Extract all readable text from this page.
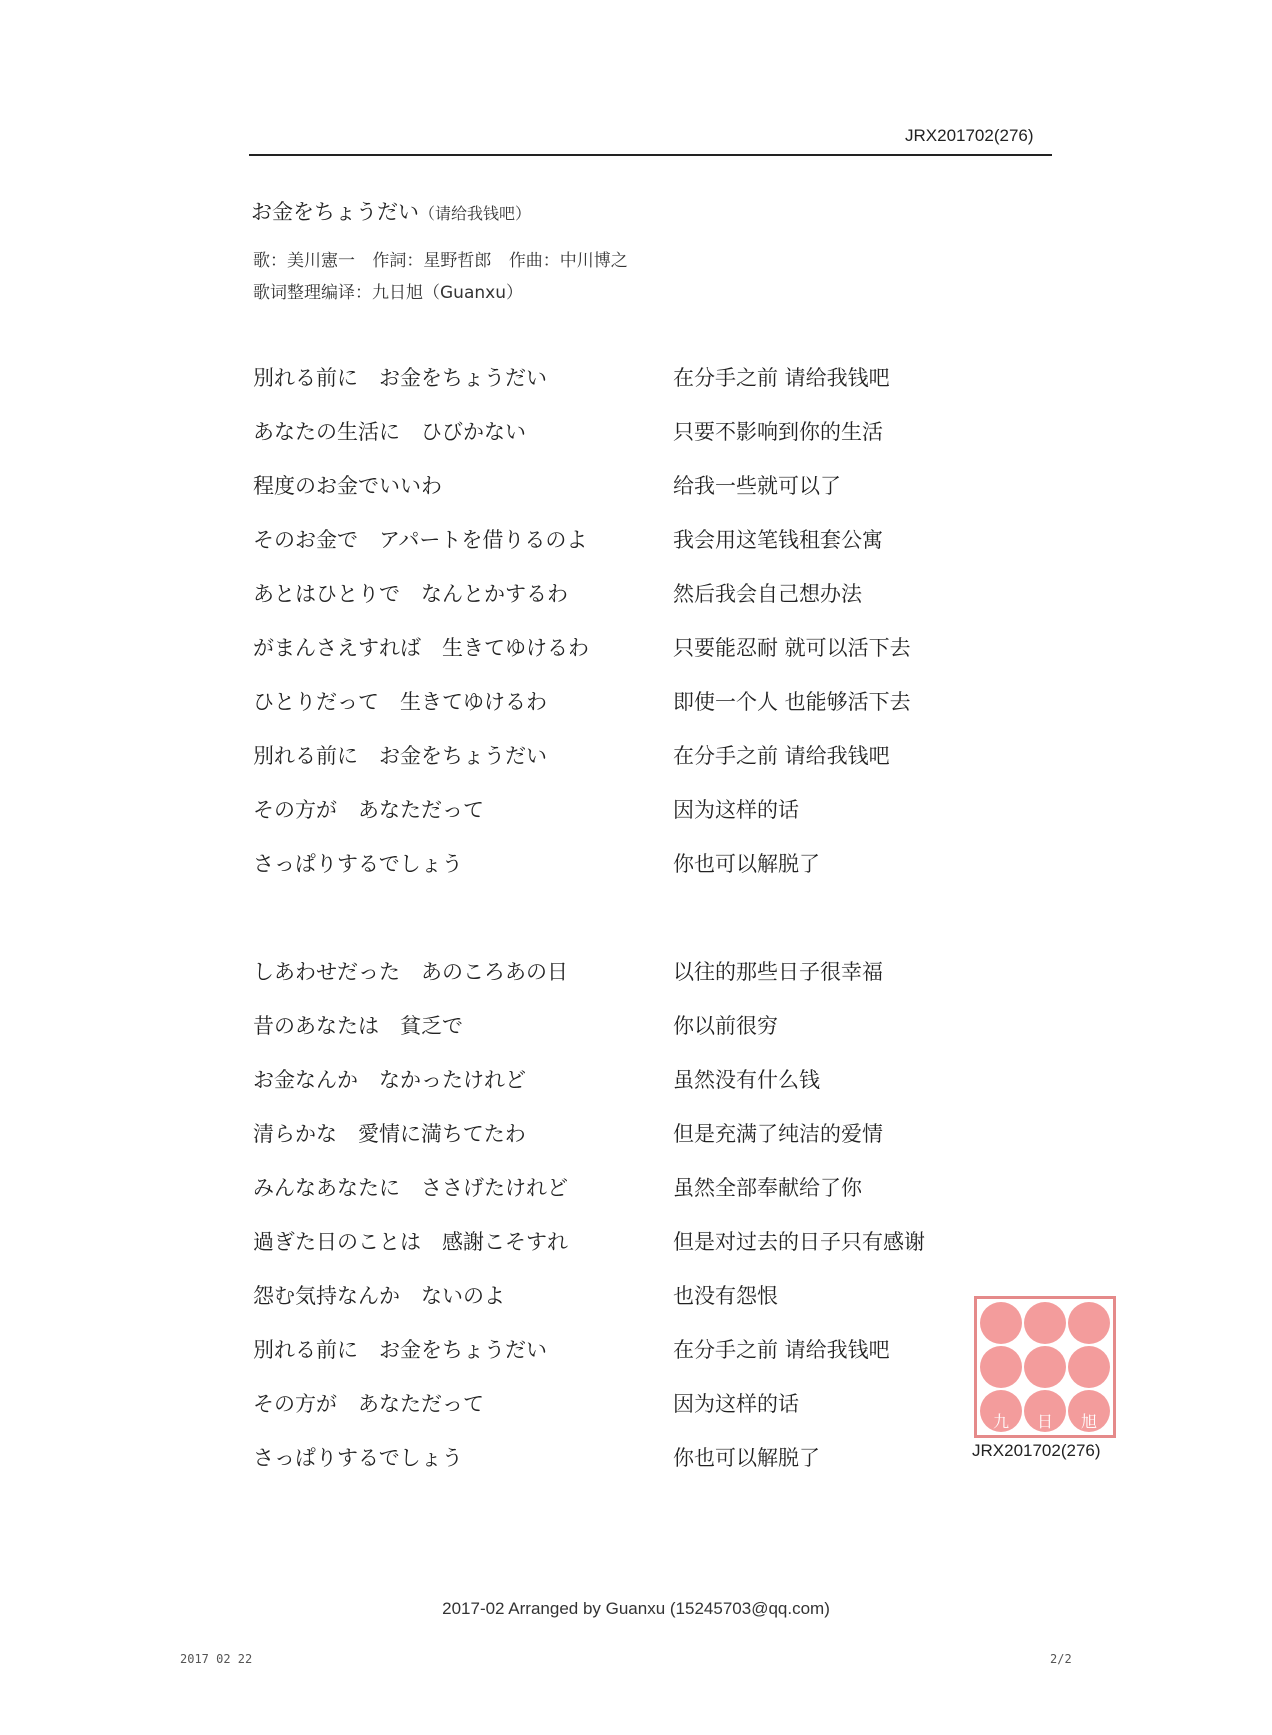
JRX201702(276)
お金をちょうだい（请给我钱吧）
歌：美川憲一 作詞：星野哲郎 作曲：中川博之
歌词整理编译：九日旭（Guanxu）
別れる前に　お金をちょうだい	在分手之前 请给我钱吧
あなたの生活に　ひびかない	只要不影响到你的生活
程度のお金でいいわ	给我一些就可以了
そのお金で　アパートを借りるのよ	我会用这笔钱租套公寓
あとはひとりで　なんとかするわ	然后我会自己想办法
がまんさえすれば　生きてゆけるわ	只要能忍耐 就可以活下去
ひとりだって　生きてゆけるわ	即使一个人 也能够活下去
別れる前に　お金をちょうだい	在分手之前 请给我钱吧
その方が　あなただって	因为这样的话
さっぱりするでしょう	你也可以解脱了
しあわせだった　あのころあの日	以往的那些日子很幸福
昔のあなたは　貧乏で	你以前很穷
お金なんか　なかったけれど	虽然没有什么钱
清らかな　愛情に満ちてたわ	但是充满了纯洁的爱情
みんなあなたに　ささげたけれど	虽然全部奉献给了你
過ぎた日のことは　感謝こそすれ	但是对过去的日子只有感谢
怨む気持なんか　ないのよ	也没有怨恨
別れる前に　お金をちょうだい	在分手之前 请给我钱吧
その方が　あなただって	因为这样的话
さっぱりするでしょう	你也可以解脱了
九 日 旭
JRX201702(276)
2017-02 Arranged by Guanxu (15245703@qq.com)
2017 02 22	2/2
